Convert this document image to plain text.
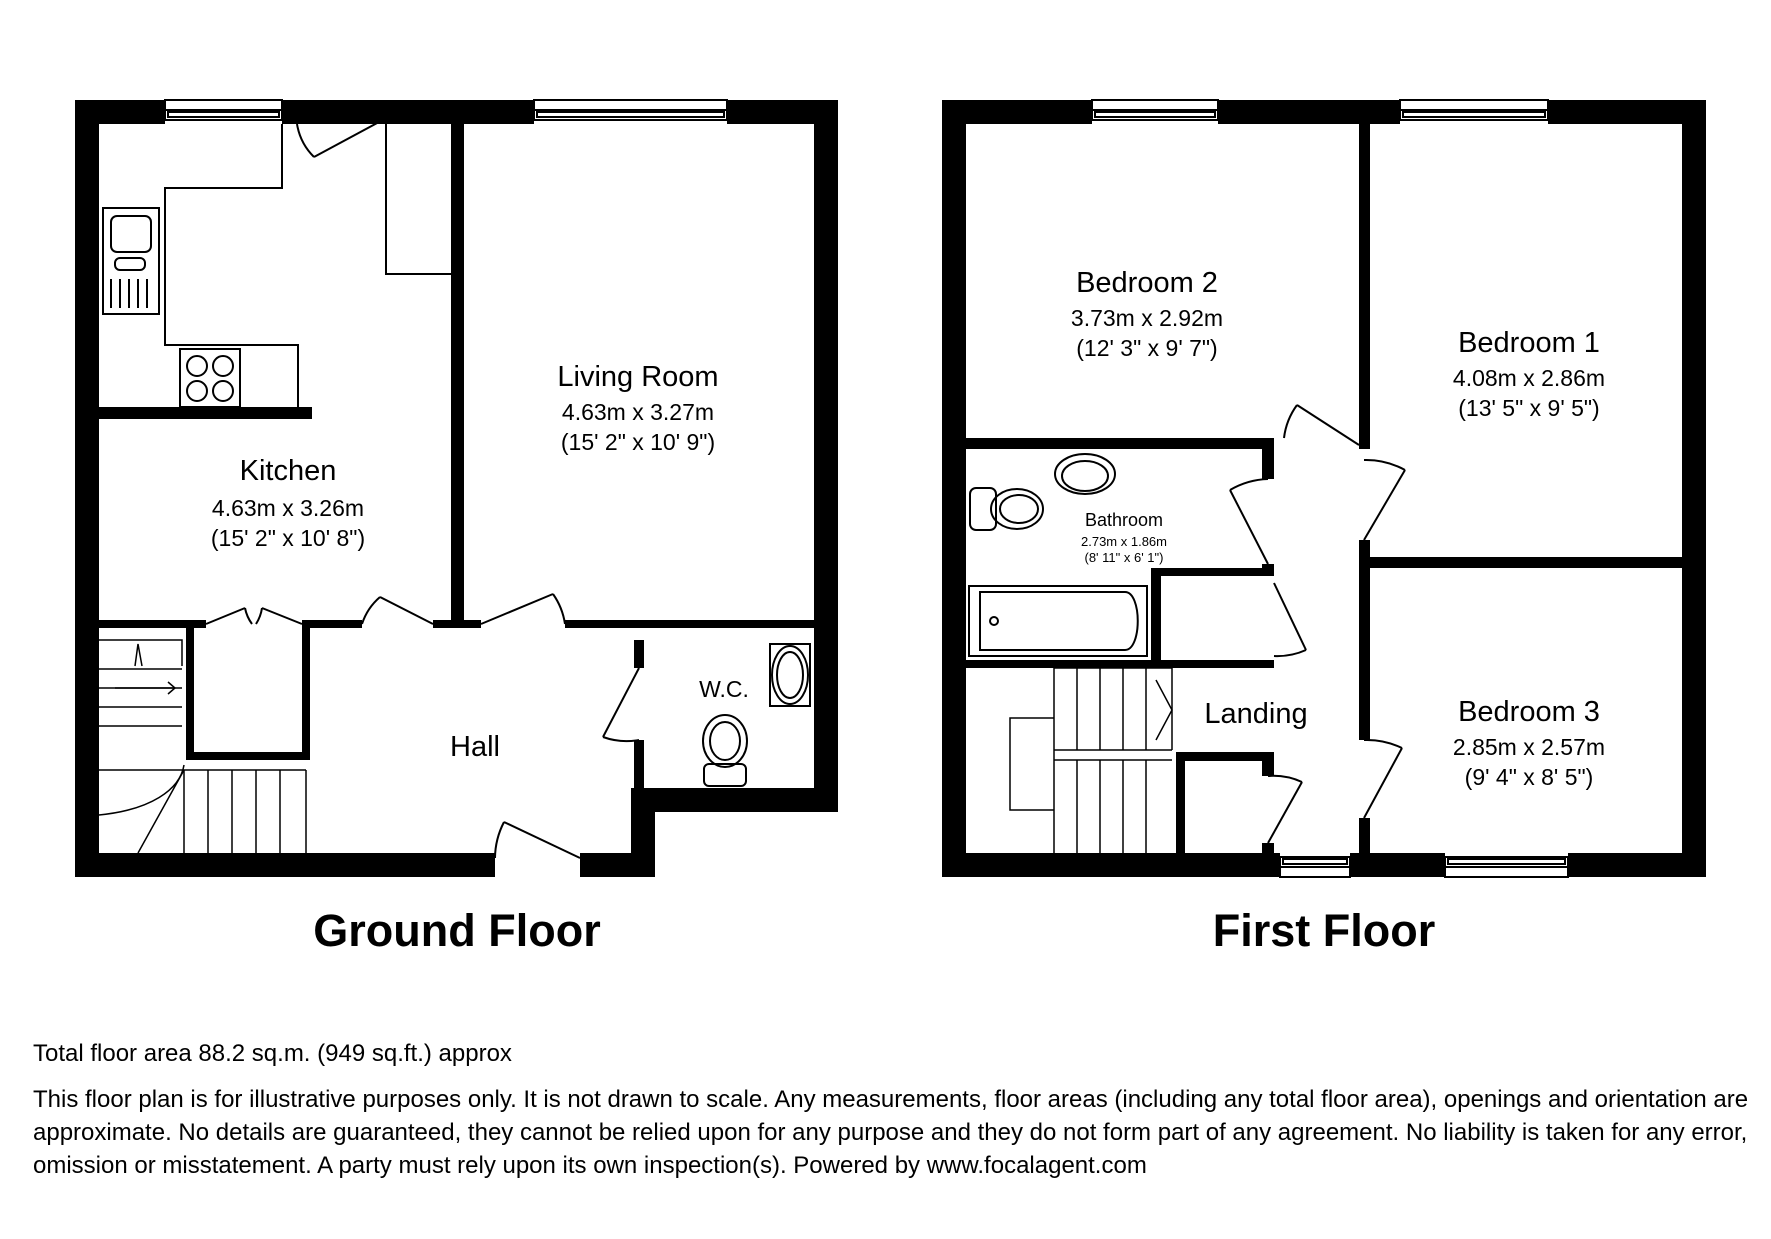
Kitchen
4.63m x 3.26m
(15' 2" x 10' 8")
Living Room
4.63m x 3.27m
(15' 2" x 10' 9")
Hall
W.C.
Ground Floor
Bedroom 2
3.73m x 2.92m
(12' 3" x 9' 7")	Bedroom 1
4.08m x 2.86m
(13' 5" x 9' 5")
Bathroom
2.73m x 1.86m
(8' 11" x 6' 1")
Landing	Bedroom 3
2.85m x 2.57m
(9' 4" x 8' 5")
First Floor
Total floor area 88.2 sq.m. (949 sq.ft.) approx
This floor plan is for illustrative purposes only. It is not drawn to scale. Any measurements, floor areas (including any total floor area), openings and orientation are approximate. No details are guaranteed, they cannot be relied upon for any purpose and they do not form part of any agreement. No liability is taken for any error, omission or misstatement. A party must rely upon its own inspection(s). Powered by www.focalagent.com
